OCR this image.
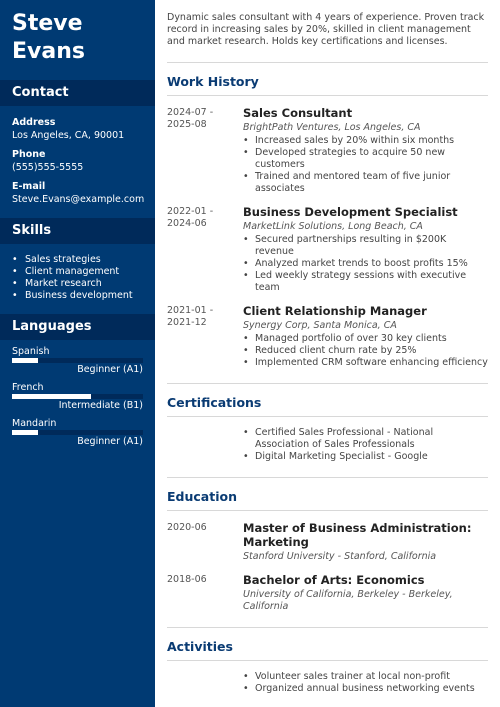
Steve
Evans
Contact
Address
Los Angeles, CA, 90001
Phone
(555)555-5555
E-mail
Steve.Evans@example.com
Skills
• Sales strategies
• Client management
• Market research
• Business development
Languages
Spanish
Beginner (A1)
French
Intermediate (B1)
Mandarin
Beginner (A1)
Dynamic sales consultant with 4 years of experience. Proven track record in increasing sales by 20%, skilled in client management and market research. Holds key certifications and licenses.
Work History
2024-07 -
2025-08
Sales Consultant
BrightPath Ventures, Los Angeles, CA
• Increased sales by 20% within six months
• Developed strategies to acquire 50 new customers
• Trained and mentored team of five junior associates
2022-01 -
2024-06
Business Development Specialist
MarketLink Solutions, Long Beach, CA
• Secured partnerships resulting in $200K revenue
• Analyzed market trends to boost profits 15%
• Led weekly strategy sessions with executive team
2021-01 -
2021-12
Client Relationship Manager
Synergy Corp, Santa Monica, CA
• Managed portfolio of over 30 key clients
• Reduced client churn rate by 25%
• Implemented CRM software enhancing efficiency
Certifications
• Certified Sales Professional - National Association of Sales Professionals
• Digital Marketing Specialist - Google
Education
2020-06	Master of Business Administration: Marketing
Stanford University - Stanford, California
2018-06	Bachelor of Arts: Economics
University of California, Berkeley - Berkeley, California
Activities
• Volunteer sales trainer at local non-profit
• Organized annual business networking events
